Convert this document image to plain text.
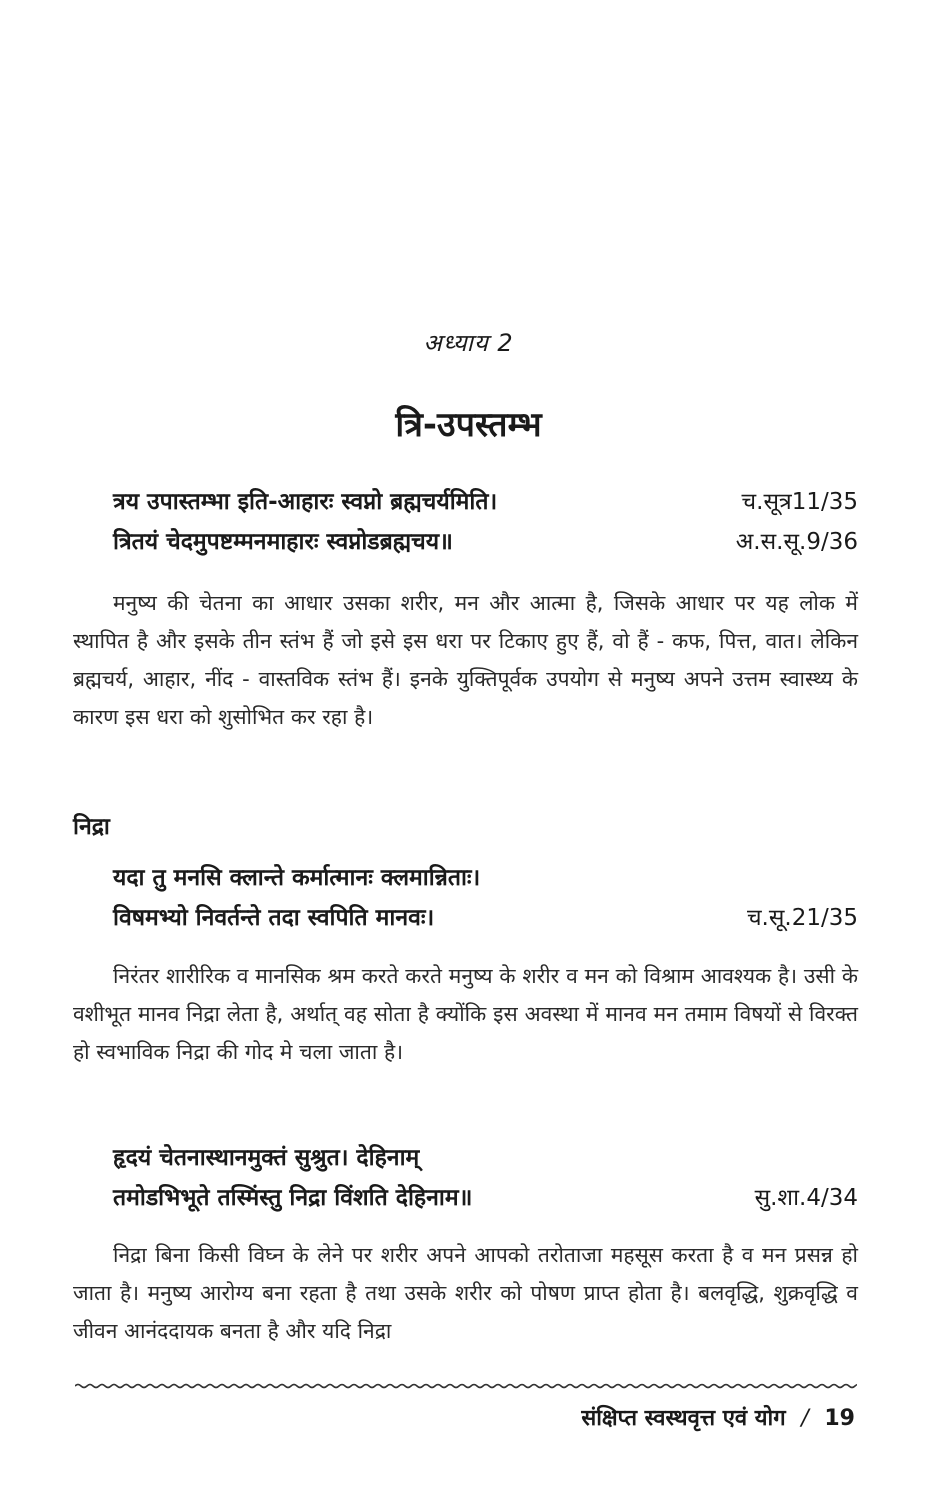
अध्याय 2
त्रि-उपस्तम्भ
त्रय उपास्तम्भा इति-आहारः स्वप्नो ब्रह्मचर्यमिति।	च.सूत्र11/35
त्रितयं चेदमुपष्टम्मनमाहारः स्वप्नोडब्रह्मचय॥	अ.स.सू.9/36

मनुष्य की चेतना का आधार उसका शरीर, मन और आत्मा है, जिसके आधार पर यह लोक में स्थापित है और इसके तीन स्तंभ हैं जो इसे इस धरा पर टिकाए हुए हैं, वो हैं - कफ, पित्त, वात। लेकिन ब्रह्मचर्य, आहार, नींद - वास्तविक स्तंभ हैं। इनके युक्तिपूर्वक उपयोग से मनुष्य अपने उत्तम स्वास्थ्य के कारण इस धरा को शुसोभित कर रहा है।

निद्रा
यदा तु मनसि क्लान्ते कर्मात्मानः क्लमान्निताः।
विषमभ्यो निवर्तन्ते तदा स्वपिति मानवः।	च.सू.21/35

निरंतर शारीरिक व मानसिक श्रम करते करते मनुष्य के शरीर व मन को विश्राम आवश्यक है। उसी के वशीभूत मानव निद्रा लेता है, अर्थात् वह सोता है क्योंकि इस अवस्था में मानव मन तमाम विषयों से विरक्त हो स्वभाविक निद्रा की गोद मे चला जाता है।

हृदयं चेतनास्थानमुक्तं सुश्रुत। देहिनाम्
तमोडभिभूते तस्मिंस्तु निद्रा विंशति देहिनाम॥	सु.शा.4/34

निद्रा बिना किसी विघ्न के लेने पर शरीर अपने आपको तरोताजा महसूस करता है व मन प्रसन्न हो जाता है। मनुष्य आरोग्य बना रहता है तथा उसके शरीर को पोषण प्राप्त होता है। बलवृद्धि, शुक्रवृद्धि व जीवन आनंददायक बनता है और यदि निद्रा

संक्षिप्त स्वस्थवृत्त एवं योग / 19
